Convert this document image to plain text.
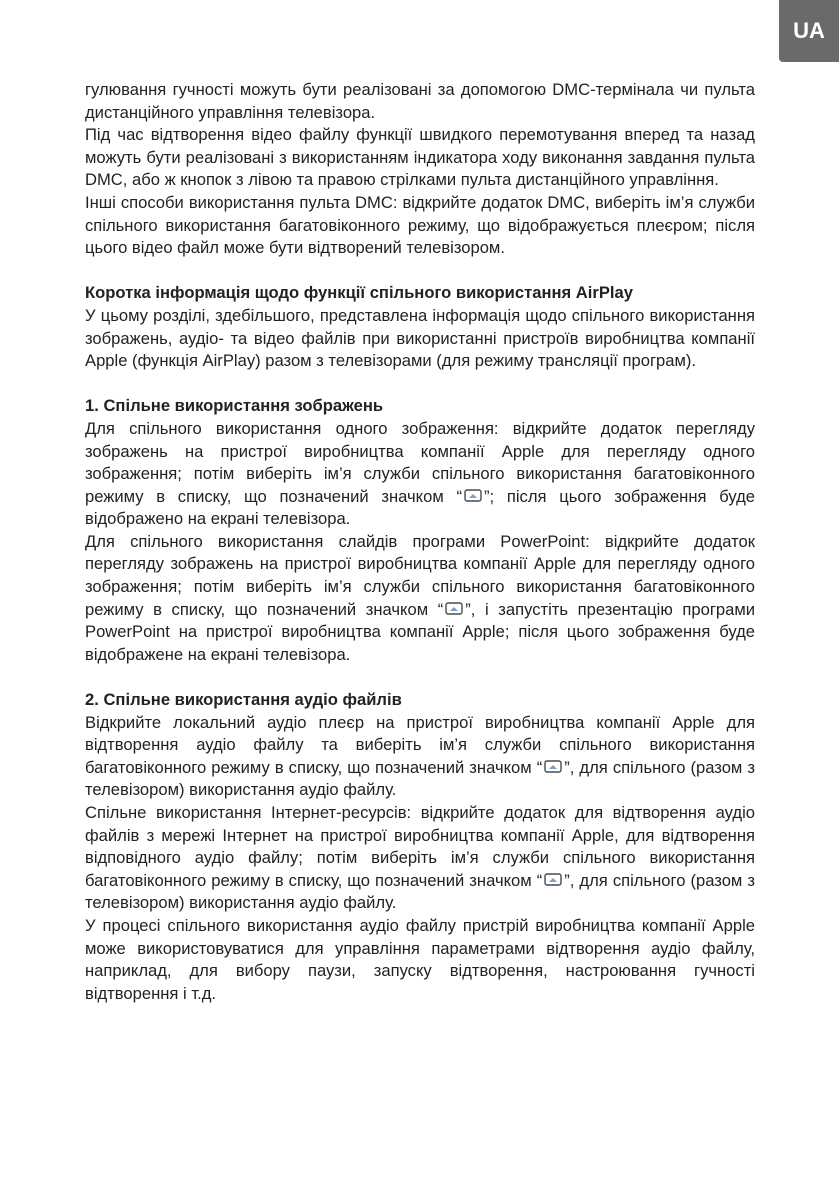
UA

гулювання гучності можуть бути реалізовані за допомогою DMC-термінала чи пульта дистанційного управління телевізора.

Під час відтворення відео файлу функції швидкого перемотування вперед та назад можуть бути реалізовані з використанням індикатора ходу виконання завдання пульта DMC, або ж кнопок з лівою та правою стрілками пульта дистанційного управління.

Інші способи використання пульта DMC: відкрийте додаток DMC, виберіть ім’я служби спільного використання багатовіконного режиму, що відображується плеєром; після цього відео файл може бути відтворений телевізором.

Коротка інформація щодо функції спільного використання AirPlay

У цьому розділі, здебільшого, представлена інформація щодо спільного використання зображень, аудіо- та відео файлів при використанні пристроїв виробництва компанії Apple (функція AirPlay) разом з телевізорами (для режиму трансляції програм).

1. Спільне використання зображень

Для спільного використання одного зображення: відкрийте додаток перегляду зображень на пристрої виробництва компанії Apple для перегляду одного зображення; потім виберіть ім’я служби спільного використання багатовіконного режиму в списку, що позначений значком “ ”; після цього зображення буде відображено на екрані телевізора.

Для спільного використання слайдів програми PowerPoint: відкрийте додаток перегляду зображень на пристрої виробництва компанії Apple для перегляду одного зображення; потім виберіть ім’я служби спільного використання багатовіконного режиму в списку, що позначений значком “ ”, і запустіть презентацію програми PowerPoint на пристрої виробництва компанії Apple; після цього зображення буде відображене на екрані телевізора.

2. Спільне використання аудіо файлів

Відкрийте локальний аудіо плеєр на пристрої виробництва компанії Apple для відтворення аудіо файлу та виберіть ім’я служби спільного використання багатовіконного режиму в списку, що позначений значком “ ”, для спільного (разом з телевізором) використання аудіо файлу.

Спільне використання Інтернет-ресурсів: відкрийте додаток для відтворення аудіо файлів з мережі Інтернет на пристрої виробництва компанії Apple, для відтворення відповідного аудіо файлу; потім виберіть ім’я служби спільного використання багатовіконного режиму в списку, що позначений значком “ ”, для спільного (разом з телевізором) використання аудіо файлу.

У процесі спільного використання аудіо файлу пристрій виробництва компанії Apple може використовуватися для управління параметрами відтворення аудіо файлу, наприклад, для вибору паузи, запуску відтворення, настроювання гучності відтворення і т.д.
